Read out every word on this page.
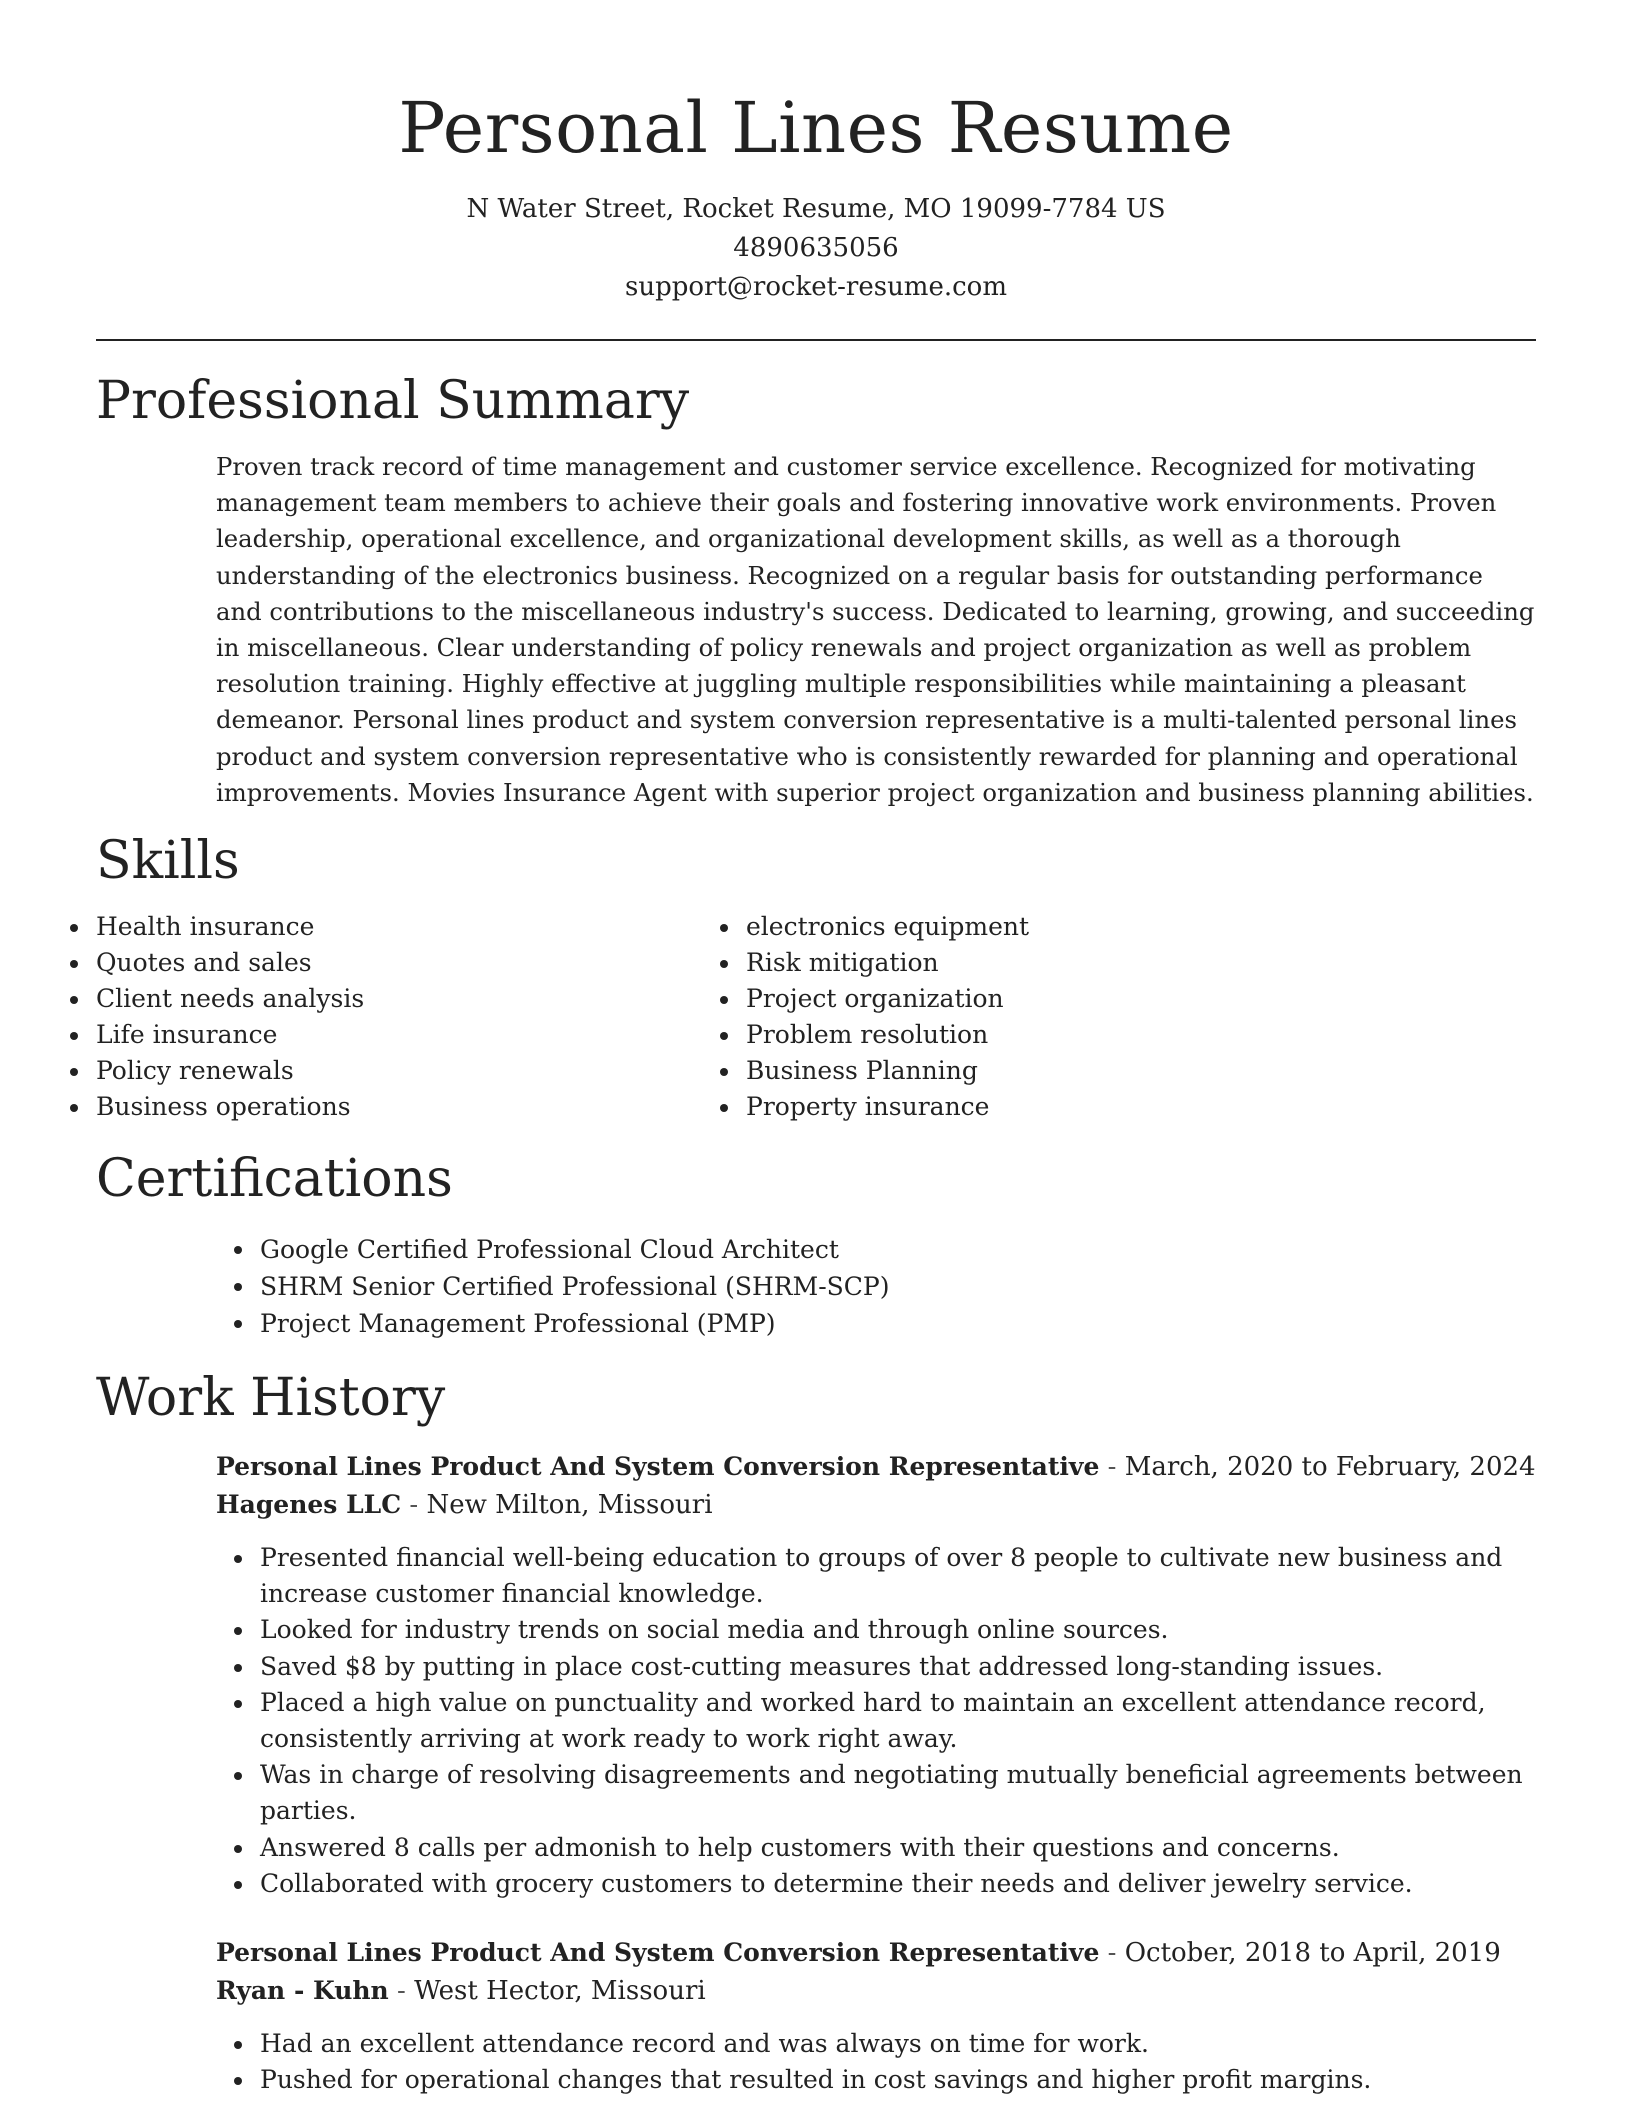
Personal Lines Resume
N Water Street, Rocket Resume, MO 19099-7784 US
4890635056
support@rocket-resume.com
Professional Summary

Proven track record of time management and customer service excellence. Recognized for motivating management team members to achieve their goals and fostering innovative work environments. Proven leadership, operational excellence, and organizational development skills, as well as a thorough understanding of the electronics business. Recognized on a regular basis for outstanding performance and contributions to the miscellaneous industry's success. Dedicated to learning, growing, and succeeding in miscellaneous. Clear understanding of policy renewals and project organization as well as problem resolution training. Highly effective at juggling multiple responsibilities while maintaining a pleasant demeanor. Personal lines product and system conversion representative is a multi-talented personal lines product and system conversion representative who is consistently rewarded for planning and operational improvements. Movies Insurance Agent with superior project organization and business planning abilities.

Skills
Health insurance
Quotes and sales
Client needs analysis
Life insurance
Policy renewals
Business operations
electronics equipment
Risk mitigation
Project organization
Problem resolution
Business Planning
Property insurance
Certifications
Google Certified Professional Cloud Architect
SHRM Senior Certified Professional (SHRM-SCP)
Project Management Professional (PMP)
Work History
Personal Lines Product And System Conversion Representative - March, 2020 to February, 2024
Hagenes LLC - New Milton, Missouri
Presented financial well-being education to groups of over 8 people to cultivate new business and increase customer financial knowledge.
Looked for industry trends on social media and through online sources.
Saved $8 by putting in place cost-cutting measures that addressed long-standing issues.
Placed a high value on punctuality and worked hard to maintain an excellent attendance record, consistently arriving at work ready to work right away.
Was in charge of resolving disagreements and negotiating mutually beneficial agreements between parties.
Answered 8 calls per admonish to help customers with their questions and concerns.
Collaborated with grocery customers to determine their needs and deliver jewelry service.
Personal Lines Product And System Conversion Representative - October, 2018 to April, 2019
Ryan - Kuhn - West Hector, Missouri
Had an excellent attendance record and was always on time for work.
Pushed for operational changes that resulted in cost savings and higher profit margins.
